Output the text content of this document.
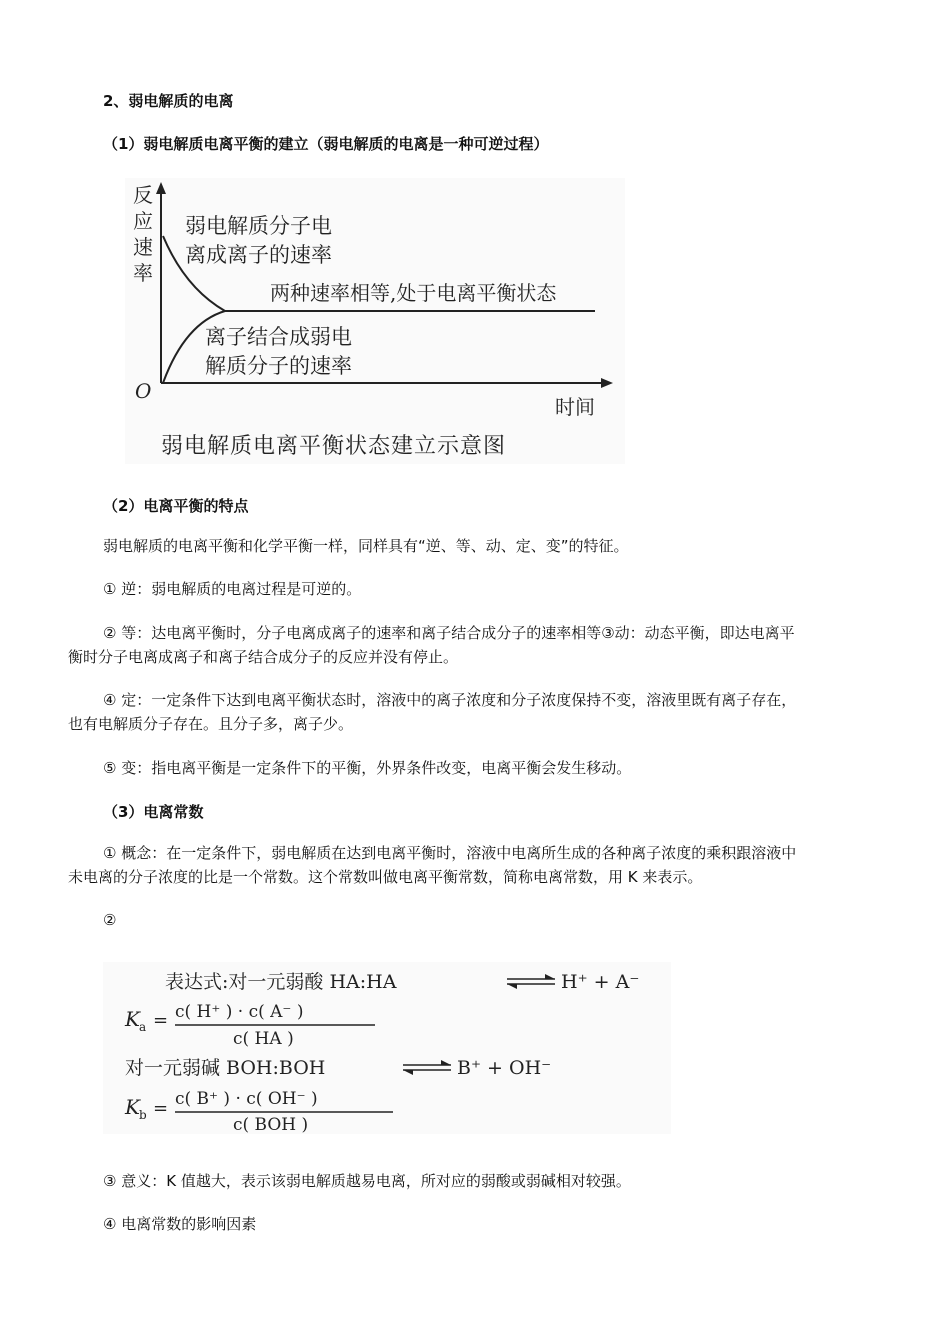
2、弱电解质的电离
（1）弱电解质电离平衡的建立（弱电解质的电离是一种可逆过程）
反
应
速
率
O
时间
弱电解质分子电
离成离子的速率
两种速率相等,处于电离平衡状态
离子结合成弱电
解质分子的速率
弱电解质电离平衡状态建立示意图
（2）电离平衡的特点
弱电解质的电离平衡和化学平衡一样，同样具有“逆、等、动、定、变”的特征。
① 逆：弱电解质的电离过程是可逆的。
② 等：达电离平衡时，分子电离成离子的速率和离子结合成分子的速率相等③动：动态平衡，即达电离平
衡时分子电离成离子和离子结合成分子的反应并没有停止。
④ 定：一定条件下达到电离平衡状态时，溶液中的离子浓度和分子浓度保持不变，溶液里既有离子存在，
也有电解质分子存在。且分子多，离子少。
⑤ 变：指电离平衡是一定条件下的平衡，外界条件改变，电离平衡会发生移动。
（3）电离常数
① 概念：在一定条件下，弱电解质在达到电离平衡时，溶液中电离所生成的各种离子浓度的乘积跟溶液中
未电离的分子浓度的比是一个常数。这个常数叫做电离平衡常数，简称电离常数，用 K 来表示。
②
表达式:对一元弱酸 HA:HA	H⁺ + A⁻
K a = c( H⁺ ) · c( A⁻ )
c( HA )
对一元弱碱 BOH:BOH	B⁺ + OH⁻
K b = c( B⁺ ) · c( OH⁻ )
c( BOH )
③ 意义：K 值越大，表示该弱电解质越易电离，所对应的弱酸或弱碱相对较强。
④ 电离常数的影响因素
